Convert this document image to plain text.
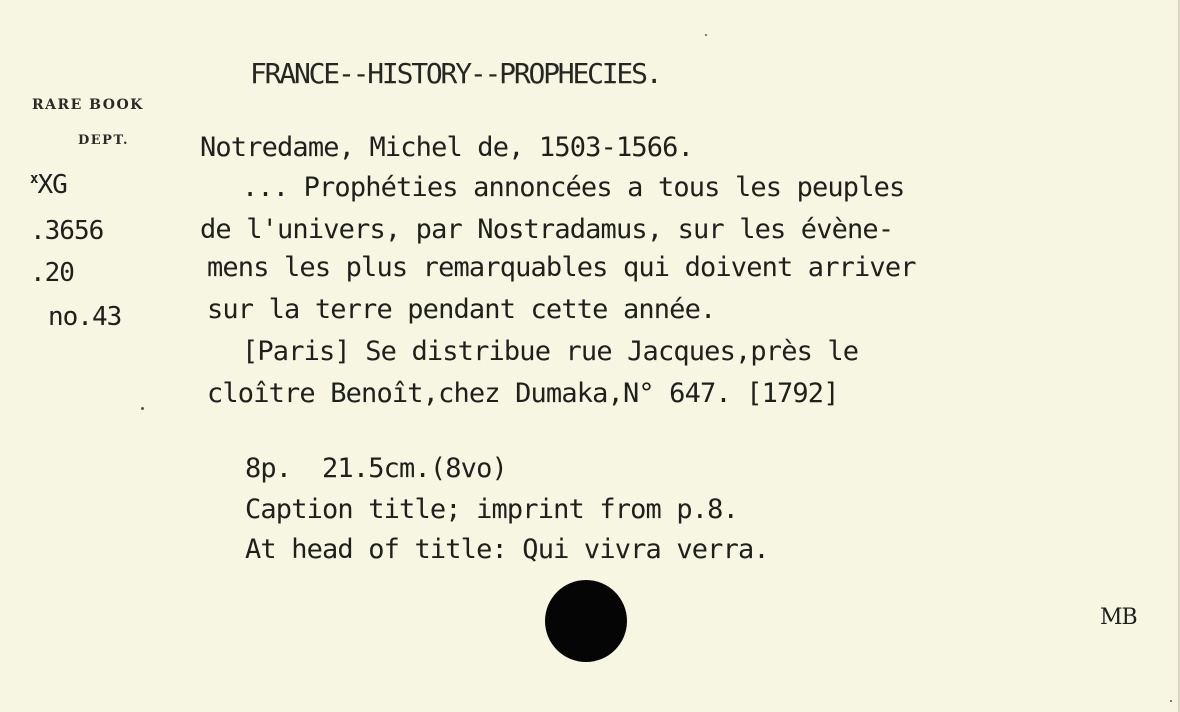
FRANCE--HISTORY--PROPHECIES.
RARE BOOK
DEPT.
$^x$XG
.3656
.20
no.43
Notredame, Michel de, 1503-1566.
... Prophéties annoncées a tous les peuples
de l'univers, par Nostradamus, sur les évène-
mens les plus remarquables qui doivent arriver
sur la terre pendant cette année.
[Paris] Se distribue rue Jacques,près le
cloître Benoît,chez Dumaka,N° 647. [1792]
8p.  21.5cm.(8vo)
Caption title; imprint from p.8.
At head of title: Qui vivra verra.
MB
